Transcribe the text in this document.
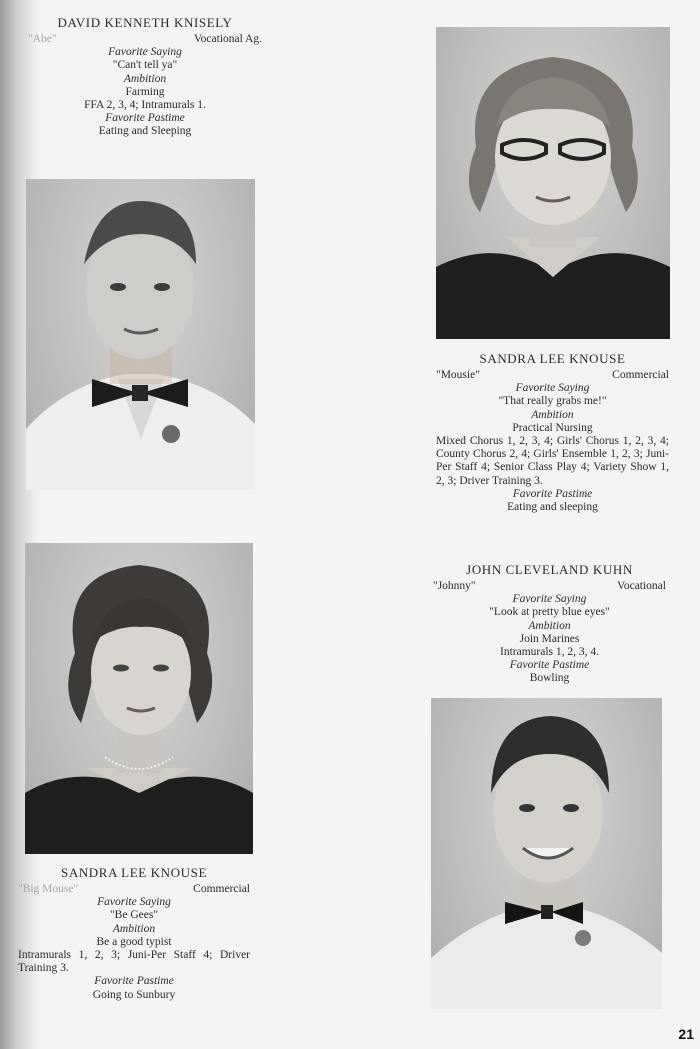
DAVID KENNETH KNISELY
"Abe"	Vocational Ag.
Favorite Saying
"Can't tell ya"
Ambition
Farming
FFA 2, 3, 4; Intramurals 1.
Favorite Pastime
Eating and Sleeping
SANDRA LEE KNOUSE
"Mousie"	Commercial
Favorite Saying
"That really grabs me!"
Ambition
Practical Nursing
Mixed Chorus 1, 2, 3, 4; Girls' Chorus 1, 2, 3, 4; County Chorus 2, 4; Girls' Ensemble 1, 2, 3; Juni-Per Staff 4; Senior Class Play 4; Variety Show 1, 2, 3; Driver Training 3.
Favorite Pastime
Eating and sleeping
JOHN CLEVELAND KUHN
"Johnny"	Vocational
Favorite Saying
"Look at pretty blue eyes"
Ambition
Join Marines
Intramurals 1, 2, 3, 4.
Favorite Pastime
Bowling
SANDRA LEE KNOUSE
"Big Mouse"	Commercial
Favorite Saying
"Be Gees"
Ambition
Be a good typist
Intramurals 1, 2, 3; Juni-Per Staff 4; Driver Training 3.
Favorite Pastime
Going to Sunbury
21
